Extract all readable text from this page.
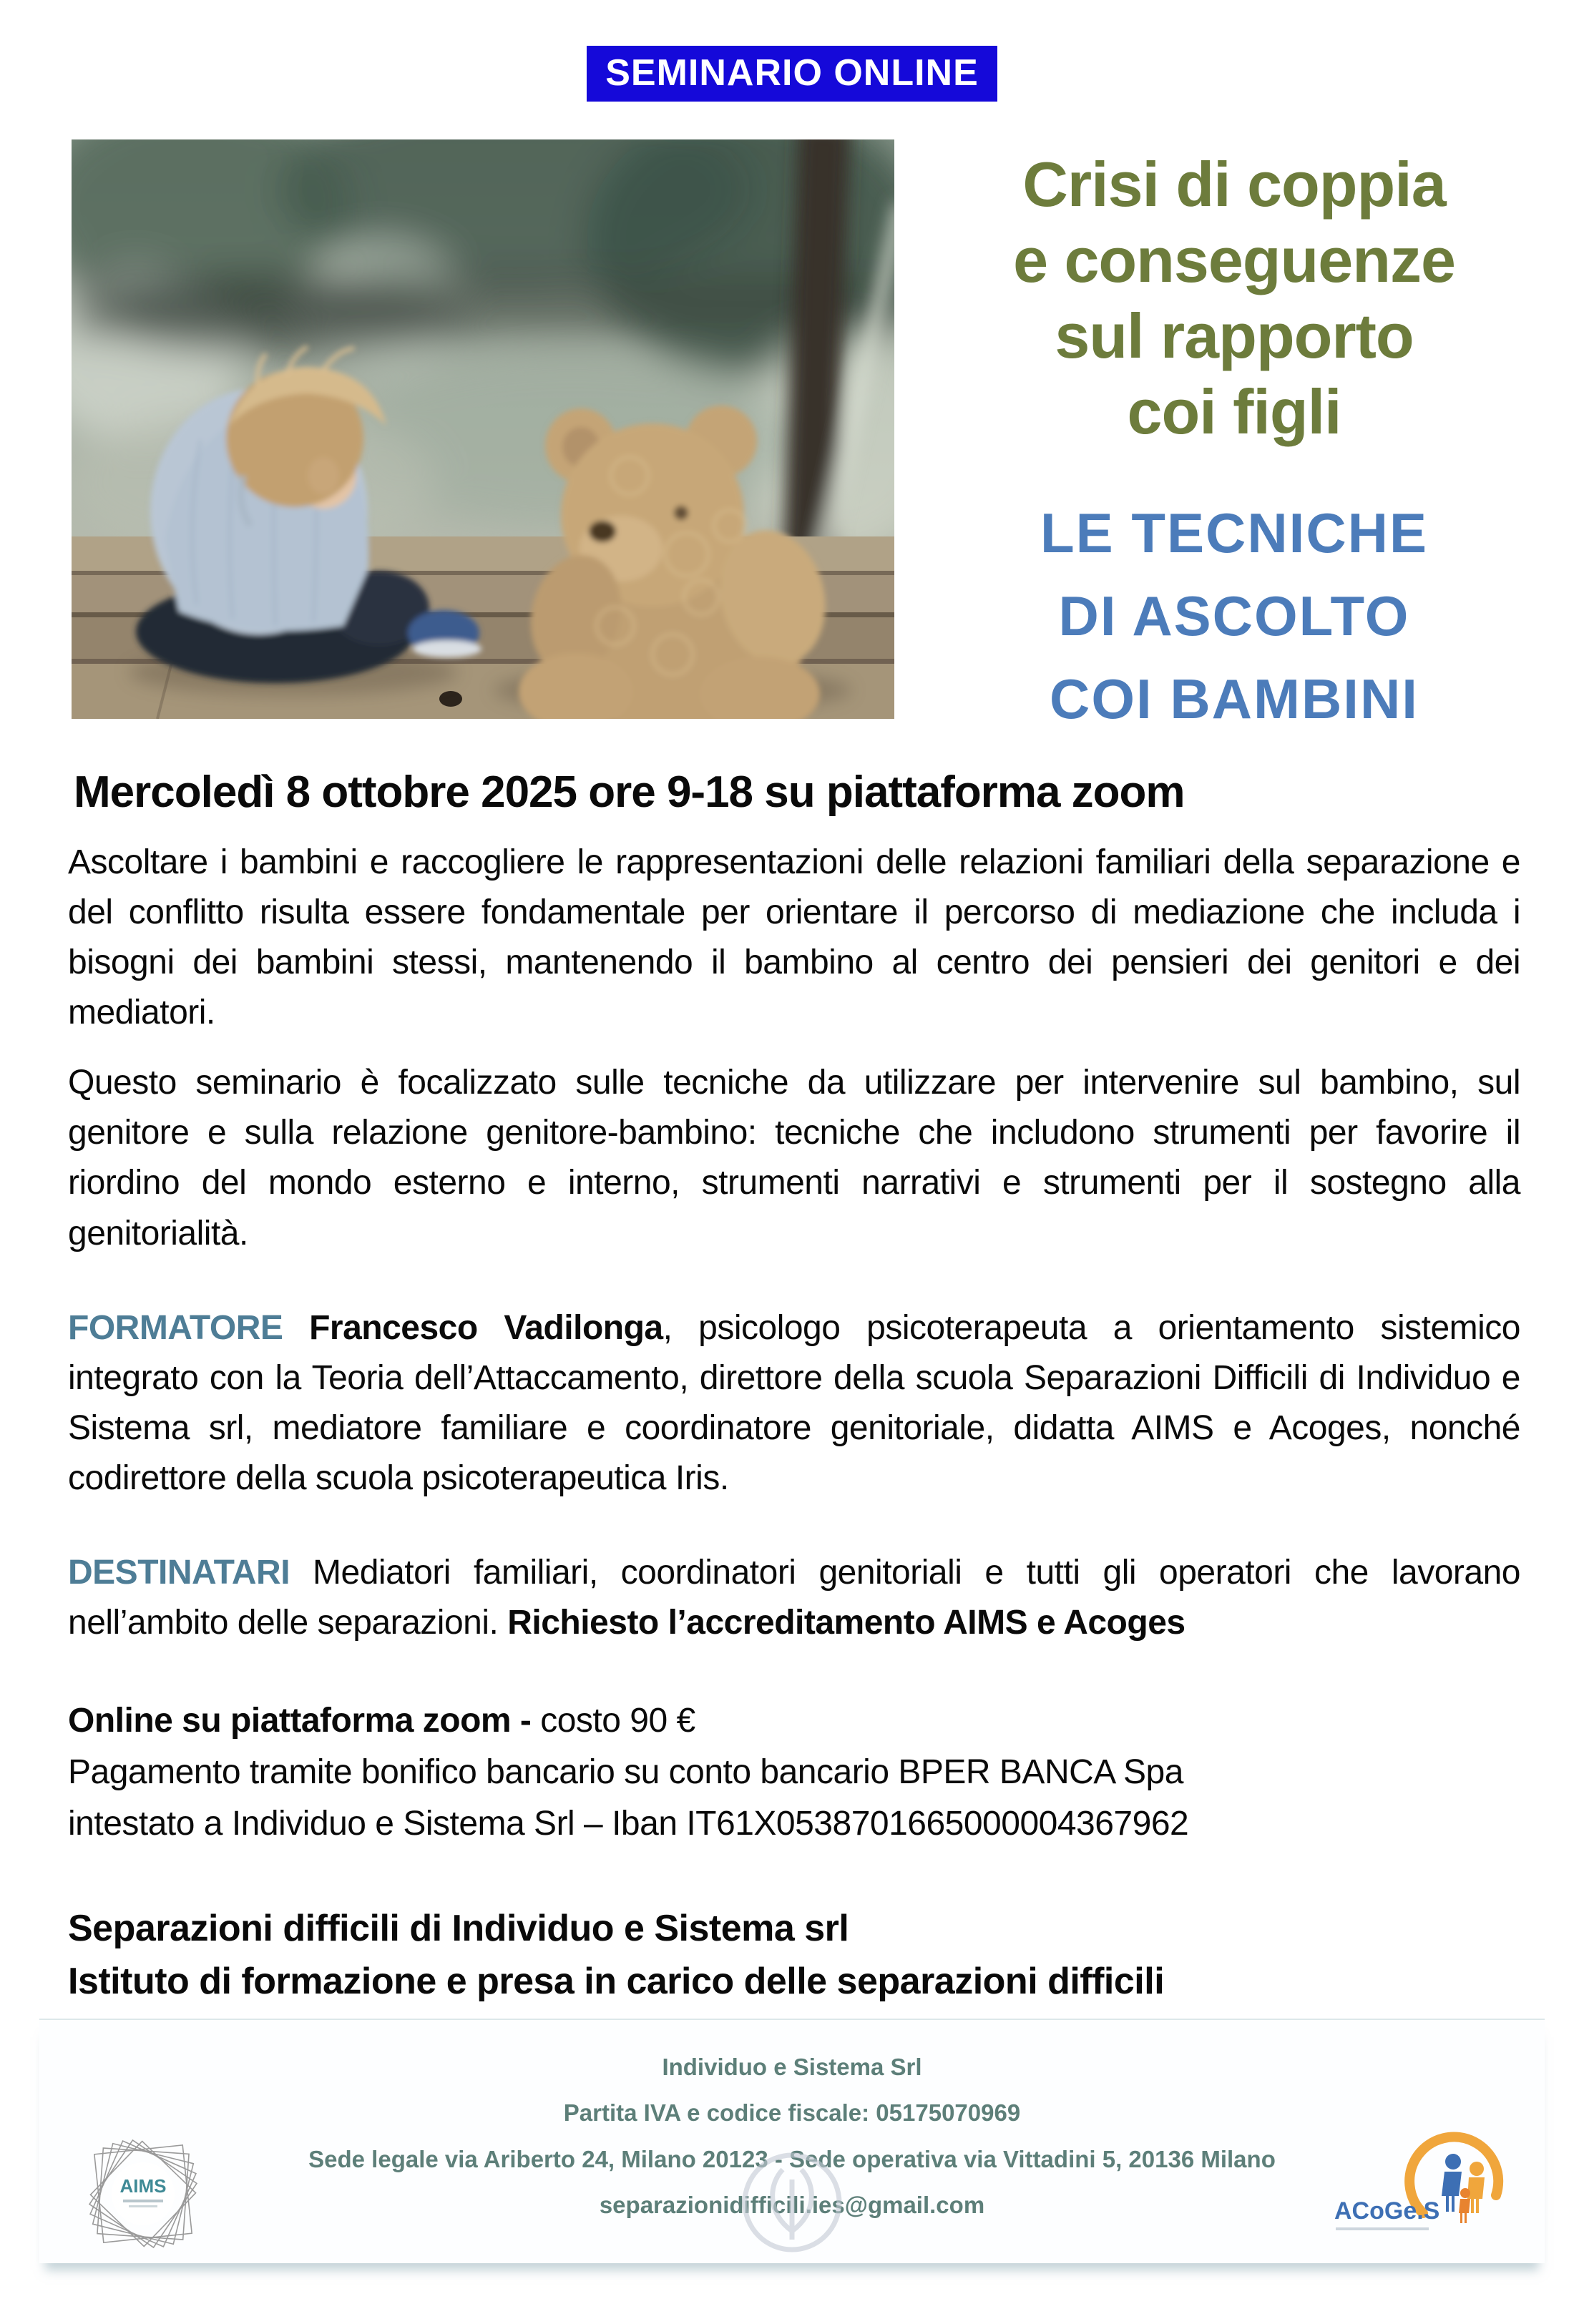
SEMINARIO ONLINE
Crisi di coppia
e conseguenze
sul rapporto
coi figli
LE TECNICHE
DI ASCOLTO
COI BAMBINI
Mercoledì 8 ottobre 2025 ore 9-18 su piattaforma zoom

Ascoltare i bambini e raccogliere le rappresentazioni delle relazioni familiari della separazione e del conflitto risulta essere fondamentale per orientare il percorso di mediazione che includa i bisogni dei bambini stessi, mantenendo il bambino al centro dei pensieri dei genitori e dei mediatori.

Questo seminario è focalizzato sulle tecniche da utilizzare per intervenire sul bambino, sul genitore e sulla relazione genitore-bambino: tecniche che includono strumenti per favorire il riordino del mondo esterno e interno, strumenti narrativi e strumenti per il sostegno alla genitorialità.

FORMATORE Francesco Vadilonga, psicologo psicoterapeuta a orientamento sistemico integrato con la Teoria dell’Attaccamento, direttore della scuola Separazioni Difficili di Individuo e Sistema srl, mediatore familiare e coordinatore genitoriale, didatta AIMS e Acoges, nonché codirettore della scuola psicoterapeutica Iris.

DESTINATARI Mediatori familiari, coordinatori genitoriali e tutti gli operatori che lavorano nell’ambito delle separazioni. Richiesto l’accreditamento AIMS e Acoges

Online su piattaforma zoom - costo 90 €
Pagamento tramite bonifico bancario su conto bancario BPER BANCA Spa
intestato a Individuo e Sistema Srl – Iban IT61X0538701665000004367962
Separazioni difficili di Individuo e Sistema srl
Istituto di formazione e presa in carico delle separazioni difficili
Individuo e Sistema Srl
Partita IVA e codice fiscale: 05175070969
Sede legale via Ariberto 24, Milano 20123 - Sede operativa via Vittadini 5, 20136 Milano
separazionidifficili.ies@gmail.com
AIMS
ACoGe.S
